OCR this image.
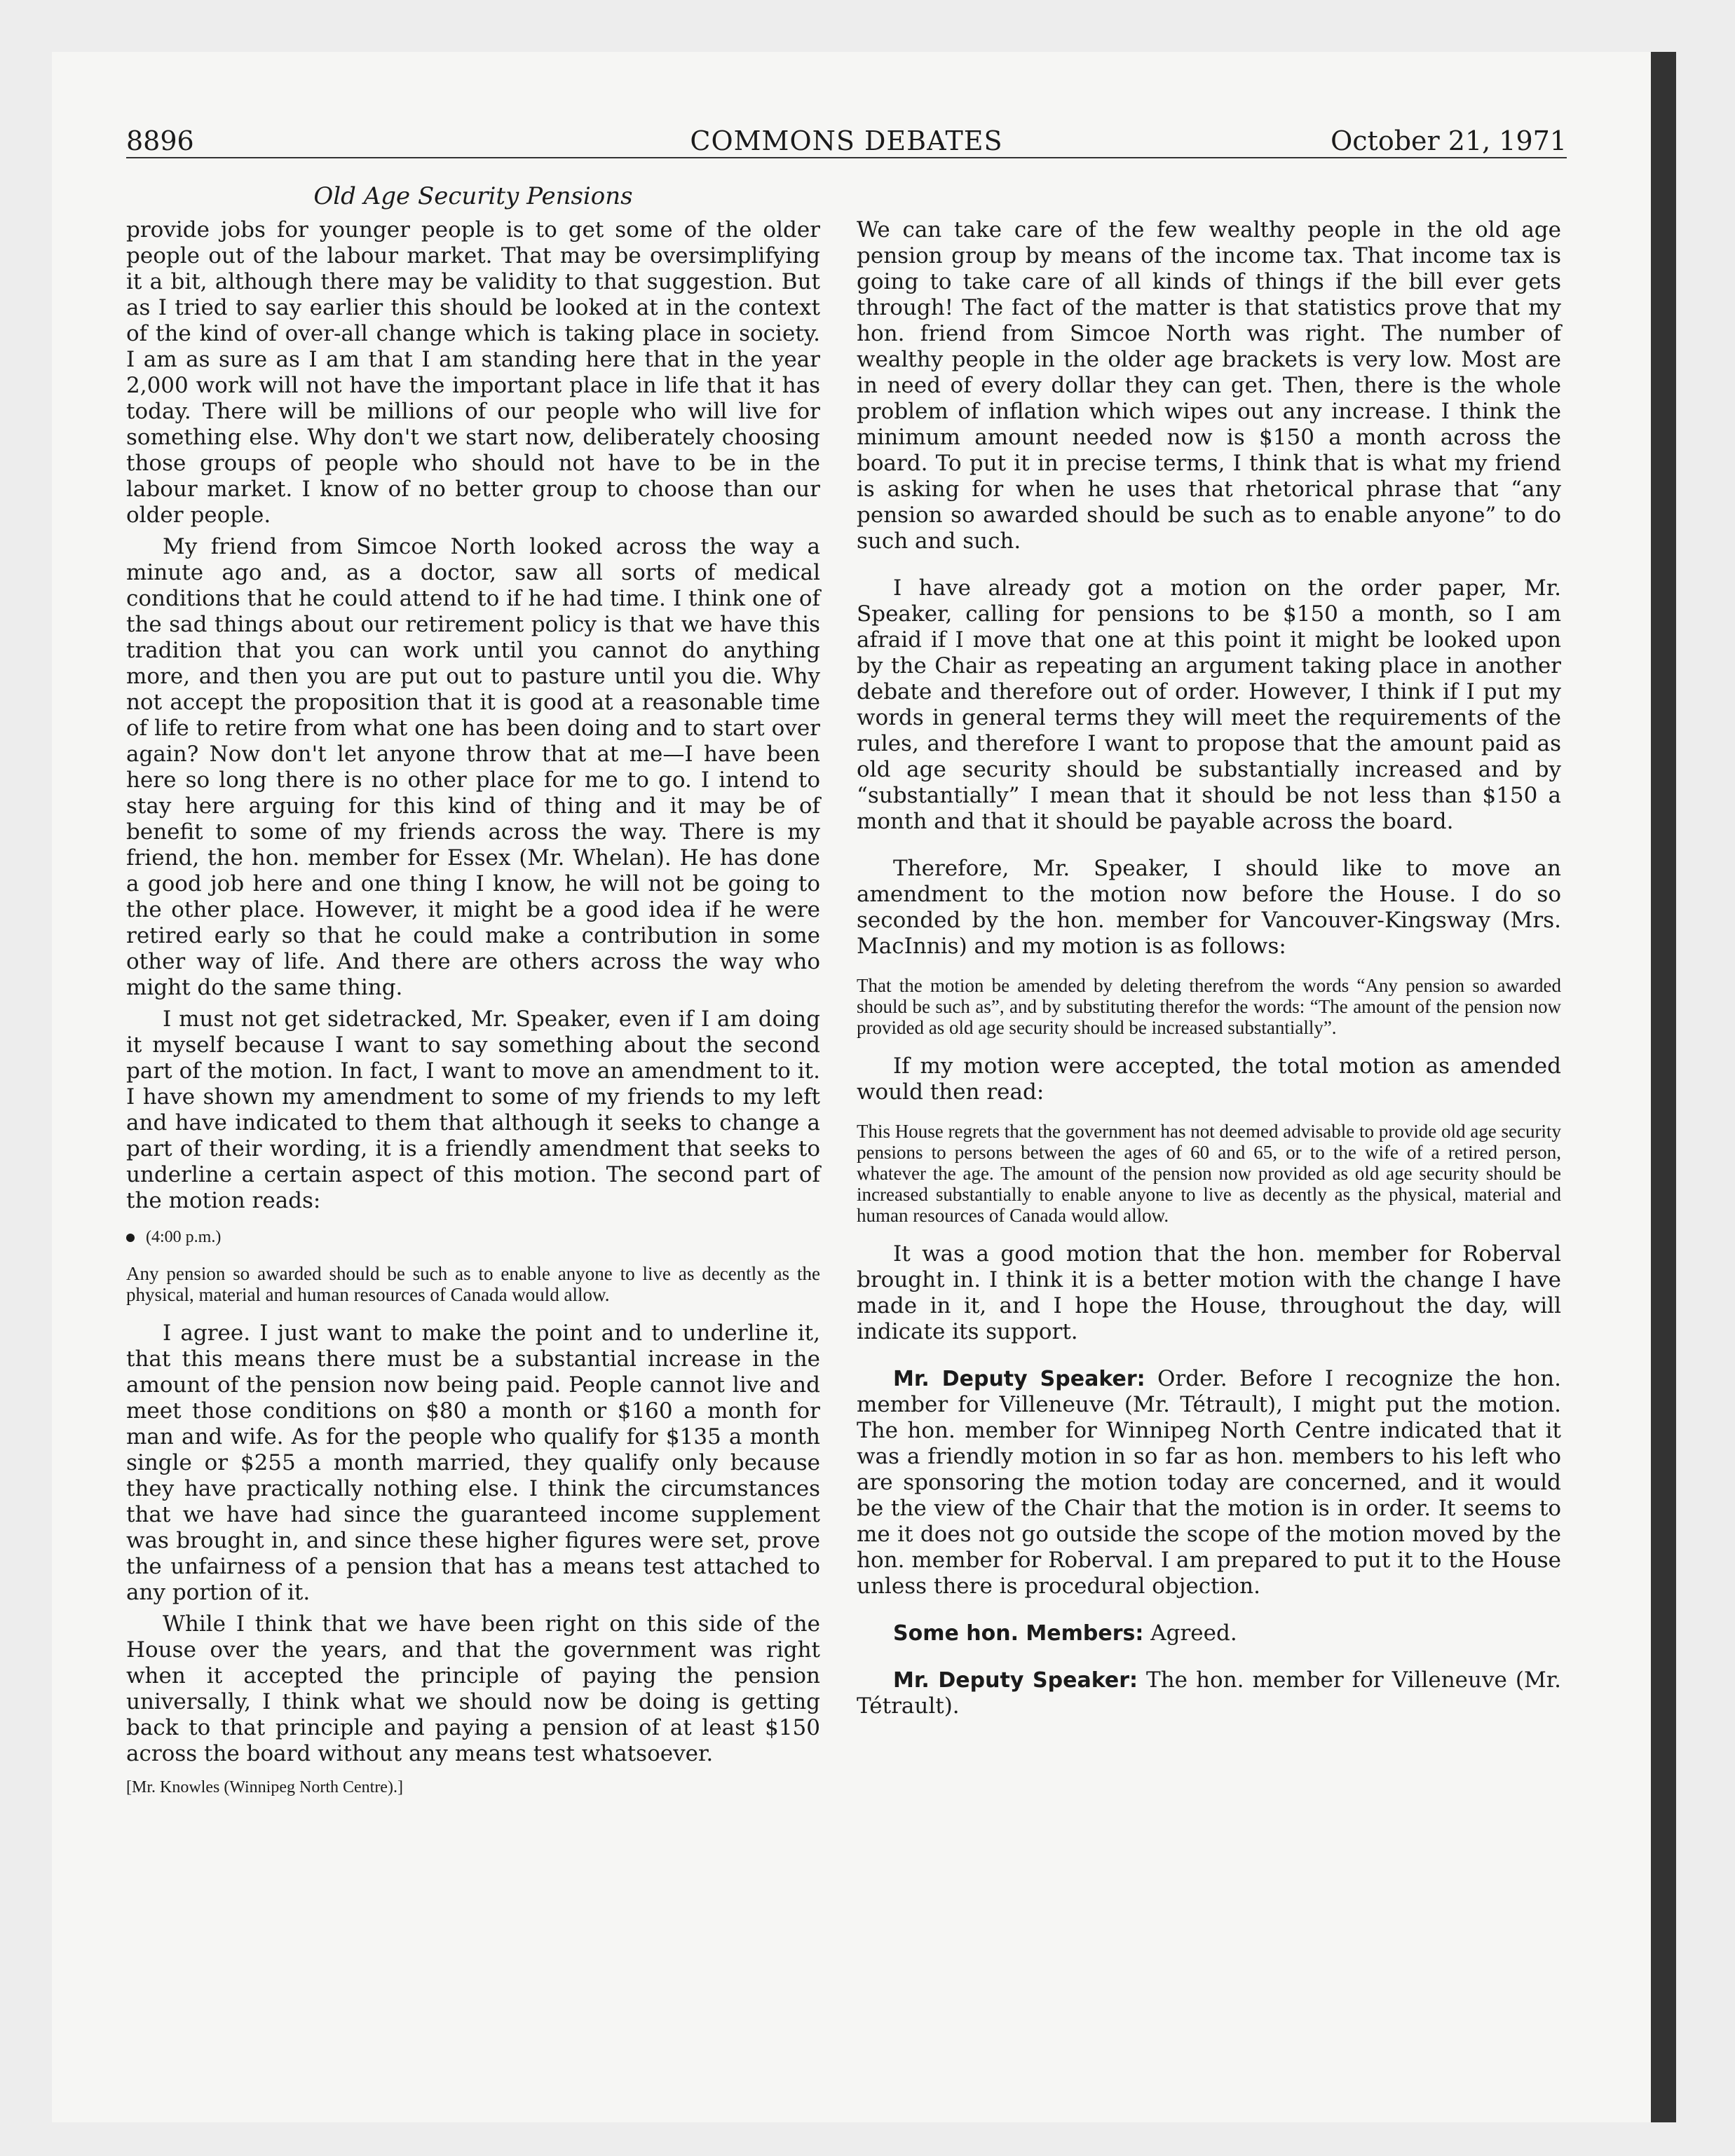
8896	COMMONS DEBATES	October 21, 1971
Old Age Security Pensions

provide jobs for younger people is to get some of the older people out of the labour market. That may be oversimplifying it a bit, although there may be validity to that suggestion. But as I tried to say earlier this should be looked at in the context of the kind of over-all change which is taking place in society. I am as sure as I am that I am standing here that in the year 2,000 work will not have the important place in life that it has today. There will be millions of our people who will live for something else. Why don't we start now, deliberately choosing those groups of people who should not have to be in the labour market. I know of no better group to choose than our older people.

My friend from Simcoe North looked across the way a minute ago and, as a doctor, saw all sorts of medical conditions that he could attend to if he had time. I think one of the sad things about our retirement policy is that we have this tradition that you can work until you cannot do anything more, and then you are put out to pasture until you die. Why not accept the proposition that it is good at a reasonable time of life to retire from what one has been doing and to start over again? Now don't let anyone throw that at me—I have been here so long there is no other place for me to go. I intend to stay here arguing for this kind of thing and it may be of benefit to some of my friends across the way. There is my friend, the hon. member for Essex (Mr. Whelan). He has done a good job here and one thing I know, he will not be going to the other place. However, it might be a good idea if he were retired early so that he could make a contribution in some other way of life. And there are others across the way who might do the same thing.

I must not get sidetracked, Mr. Speaker, even if I am doing it myself because I want to say something about the second part of the motion. In fact, I want to move an amendment to it. I have shown my amendment to some of my friends to my left and have indicated to them that although it seeks to change a part of their wording, it is a friendly amendment that seeks to underline a certain aspect of this motion. The second part of the motion reads:

(4:00 p.m.)
Any pension so awarded should be such as to enable anyone to live as decently as the physical, material and human resources of Canada would allow.

I agree. I just want to make the point and to underline it, that this means there must be a substantial increase in the amount of the pension now being paid. People cannot live and meet those conditions on $80 a month or $160 a month for man and wife. As for the people who qualify for $135 a month single or $255 a month married, they qualify only because they have practically nothing else. I think the circumstances that we have had since the guaranteed income supplement was brought in, and since these higher figures were set, prove the unfairness of a pension that has a means test attached to any portion of it.

While I think that we have been right on this side of the House over the years, and that the government was right when it accepted the principle of paying the pension universally, I think what we should now be doing is getting back to that principle and paying a pension of at least $150 across the board without any means test whatsoever.

[Mr. Knowles (Winnipeg North Centre).]

We can take care of the few wealthy people in the old age pension group by means of the income tax. That income tax is going to take care of all kinds of things if the bill ever gets through! The fact of the matter is that statistics prove that my hon. friend from Simcoe North was right. The number of wealthy people in the older age brackets is very low. Most are in need of every dollar they can get. Then, there is the whole problem of inflation which wipes out any increase. I think the minimum amount needed now is $150 a month across the board. To put it in precise terms, I think that is what my friend is asking for when he uses that rhetorical phrase that “any pension so awarded should be such as to enable anyone” to do such and such.

I have already got a motion on the order paper, Mr. Speaker, calling for pensions to be $150 a month, so I am afraid if I move that one at this point it might be looked upon by the Chair as repeating an argument taking place in another debate and therefore out of order. However, I think if I put my words in general terms they will meet the requirements of the rules, and therefore I want to propose that the amount paid as old age security should be substantially increased and by “substantially” I mean that it should be not less than $150 a month and that it should be payable across the board.

Therefore, Mr. Speaker, I should like to move an amendment to the motion now before the House. I do so seconded by the hon. member for Vancouver-Kingsway (Mrs. MacInnis) and my motion is as follows:

That the motion be amended by deleting therefrom the words “Any pension so awarded should be such as”, and by substituting therefor the words: “The amount of the pension now provided as old age security should be increased substantially”.

If my motion were accepted, the total motion as amended would then read:

This House regrets that the government has not deemed advisable to provide old age security pensions to persons between the ages of 60 and 65, or to the wife of a retired person, whatever the age. The amount of the pension now provided as old age security should be increased substantially to enable anyone to live as decently as the physical, material and human resources of Canada would allow.

It was a good motion that the hon. member for Roberval brought in. I think it is a better motion with the change I have made in it, and I hope the House, throughout the day, will indicate its support.

Mr. Deputy Speaker: Order. Before I recognize the hon. member for Villeneuve (Mr. Tétrault), I might put the motion. The hon. member for Winnipeg North Centre indicated that it was a friendly motion in so far as hon. members to his left who are sponsoring the motion today are concerned, and it would be the view of the Chair that the motion is in order. It seems to me it does not go outside the scope of the motion moved by the hon. member for Roberval. I am prepared to put it to the House unless there is procedural objection.

Some hon. Members: Agreed.

Mr. Deputy Speaker: The hon. member for Villeneuve (Mr. Tétrault).
